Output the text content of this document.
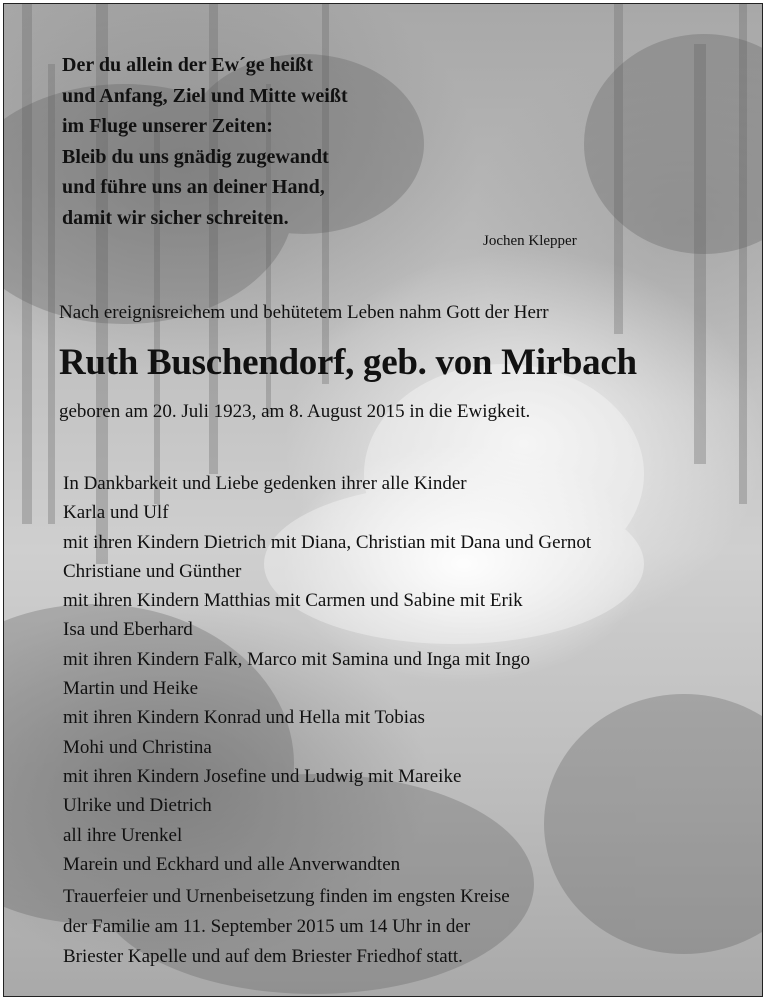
Der du allein der Ew´ge heißt
und Anfang, Ziel und Mitte weißt
im Fluge unserer Zeiten:
Bleib du uns gnädig zugewandt
und führe uns an deiner Hand,
damit wir sicher schreiten.
Jochen Klepper
Nach ereignisreichem und behütetem Leben nahm Gott der Herr
Ruth Buschendorf, geb. von Mirbach
geboren am 20. Juli 1923, am 8. August 2015 in die Ewigkeit.
In Dankbarkeit und Liebe gedenken ihrer alle Kinder
Karla und Ulf
mit ihren Kindern Dietrich mit Diana, Christian mit Dana und Gernot
Christiane und Günther
mit ihren Kindern Matthias mit Carmen und Sabine mit Erik
Isa und Eberhard
mit ihren Kindern Falk, Marco mit Samina und Inga mit Ingo
Martin und Heike
mit ihren Kindern Konrad und Hella mit Tobias
Mohi und Christina
mit ihren Kindern Josefine und Ludwig mit Mareike
Ulrike und Dietrich
all ihre Urenkel
Marein und Eckhard und alle Anverwandten
Trauerfeier und Urnenbeisetzung finden im engsten Kreise
der Familie am 11. September 2015 um 14 Uhr in der
Briester Kapelle und auf dem Briester Friedhof statt.
